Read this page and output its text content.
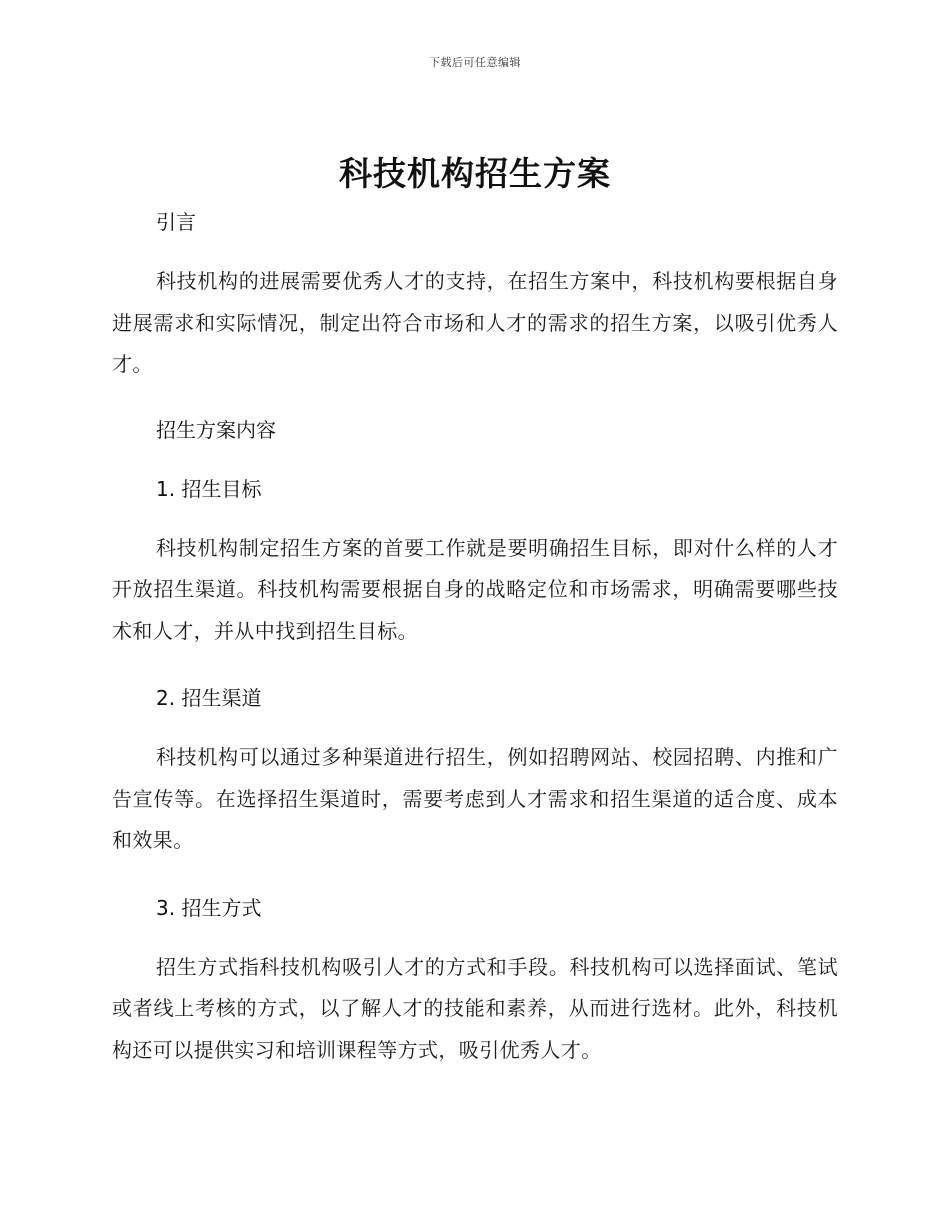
下载后可任意编辑
科技机构招生方案
引言

科技机构的进展需要优秀人才的支持，在招生方案中，科技机构要根据自身进展需求和实际情况，制定出符合市场和人才的需求的招生方案，以吸引优秀人才。

招生方案内容
1. 招生目标

科技机构制定招生方案的首要工作就是要明确招生目标，即对什么样的人才开放招生渠道。科技机构需要根据自身的战略定位和市场需求，明确需要哪些技术和人才，并从中找到招生目标。

2. 招生渠道

科技机构可以通过多种渠道进行招生，例如招聘网站、校园招聘、内推和广告宣传等。在选择招生渠道时，需要考虑到人才需求和招生渠道的适合度、成本和效果。

3. 招生方式

招生方式指科技机构吸引人才的方式和手段。科技机构可以选择面试、笔试或者线上考核的方式，以了解人才的技能和素养，从而进行选材。此外，科技机构还可以提供实习和培训课程等方式，吸引优秀人才。
